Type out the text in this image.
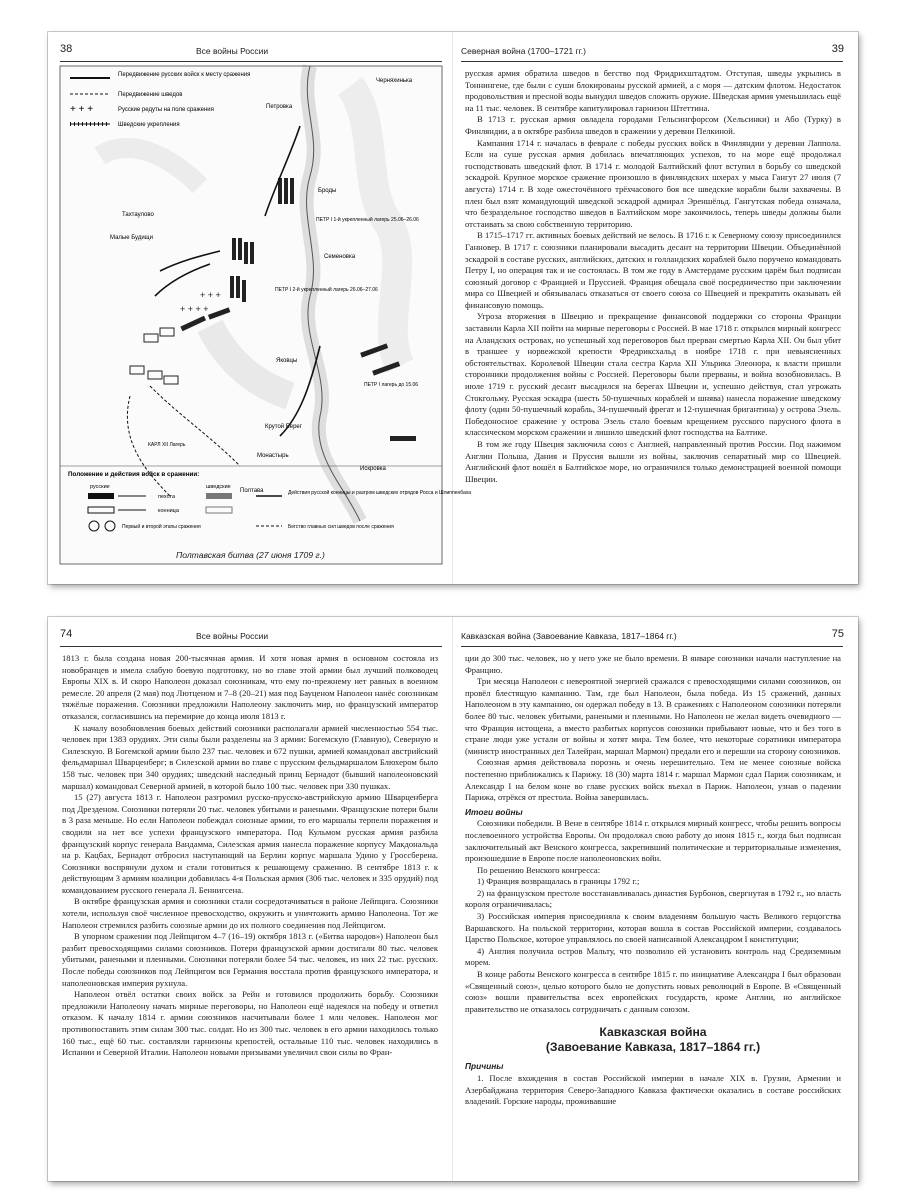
38	Все войны России
Передвижение русских войск к месту сражения
Передвижение шведов
+ + +	Русские редуты на поле сражения
Шведские укрепления
Петровка
Черняхинька
Тахтаулово
Малые Будищи
Броды
Семеновка
Яковцы
Крутой Берег
Монастырь
Полтава
Искровка
ПЕТР I 1-й укрепленный лагерь 25.06–26.06
ПЕТР I 2-й укрепленный лагерь 26.06–27.06
ПЕТР I лагерь до 15.06
КАРЛ XII Лагерь
+ + +
+ + + +
Положение и действия войск в сражении:
русские	шведские
пехота
конница
Первый и второй этапы сражения
Действия русской конницы и разгром шведских отрядов Росса и Шлиппенбаха
Бегство главных сил шведов после сражения
Полтавская битва (27 июня 1709 г.)
Северная война (1700–1721 гг.)	39

русская армия обратила шведов в бегство под Фридрихштадтом. Отступая, шведы укрылись в Тоннингене, где были с суши блокированы русской армией, а с моря — датским флотом. Недостаток продовольствия и пресной воды вынудил шведов сложить оружие. Шведская армия уменьшилась ещё на 11 тыс. человек. В сентябре капитулировал гарнизон Штеттина.

В 1713 г. русская армия овладела городами Гельсингфорсом (Хельсинки) и Або (Турку) в Финляндии, а в октябре разбила шведов в сражении у деревни Пелкиной.

Кампания 1714 г. началась в феврале с победы русских войск в Финляндии у деревни Лаппола. Если на суше русская армия добилась впечатляющих успехов, то на море ещё продолжал господствовать шведский флот. В 1714 г. молодой Балтийский флот вступил в борьбу со шведской эскадрой. Крупное морское сражение произошло в финляндских шхерах у мыса Гангут 27 июля (7 августа) 1714 г. В ходе ожесточённого трёхчасового боя все шведские корабли были захвачены. В плен был взят командующий шведской эскадрой адмирал Эреншёльд. Гангутская победа означала, что безраздельное господство шведов в Балтийском море закончилось, теперь шведы должны были отстаивать за свою собственную территорию.

В 1715–1717 гг. активных боевых действий не велось. В 1716 г. к Северному союзу присоединился Ганновер. В 1717 г. союзники планировали высадить десант на территории Швеции. Объединённой эскадрой в составе русских, английских, датских и голландских кораблей было поручено командовать Петру I, но операция так и не состоялась. В том же году в Амстердаме русским царём был подписан союзный договор с Францией и Пруссией. Франция обещала своё посредничество при заключении мира со Швецией и обязывалась отказаться от своего союза со Швецией и прекратить оказывать ей финансовую помощь.

Угроза вторжения в Швецию и прекращение финансовой поддержки со стороны Франции заставили Карла XII пойти на мирные переговоры с Россией. В мае 1718 г. открылся мирный конгресс на Аландских островах, но успешный ход переговоров был прерван смертью Карла XII. Он был убит в траншее у норвежской крепости Фредриксхальд в ноябре 1718 г. при невыясненных обстоятельствах. Королевой Швеции стала сестра Карла XII Ульрика Элеонора, к власти пришли сторонники продолжения войны с Россией. Переговоры были прерваны, и война возобновилась. В июле 1719 г. русский десант высадился на берегах Швеции и, успешно действуя, стал угрожать Стокгольму. Русская эскадра (шесть 50-пушечных кораблей и шнява) нанесла поражение шведскому флоту (один 50-пушечный корабль, 34-пушечный фрегат и 12-пушечная бригантина) у острова Эзель. Победоносное сражение у острова Эзель стало боевым крещением русского парусного флота в классическом морском сражении и лишило шведский флот господства на Балтике.

В том же году Швеция заключила союз с Англией, направленный против России. Под нажимом Англии Польша, Дания и Пруссия вышли из войны, заключив сепаратный мир со Швецией. Английский флот вошёл в Балтийское море, но ограничился только демонстрацией военной помощи Швеции.

74	Все войны России

1813 г. была создана новая 200-тысячная армия. И хотя новая армия в основном состояла из новобранцев и имела слабую боевую подготовку, но во главе этой армии был лучший полководец Европы XIX в. И скоро Наполеон доказал союзникам, что ему по-прежнему нет равных в военном ремесле. 20 апреля (2 мая) под Лютценом и 7–8 (20–21) мая под Бауценом Наполеон нанёс союзникам тяжёлые поражения. Союзники предложили Наполеону заключить мир, но французский император отказался, согласившись на перемирие до конца июля 1813 г.

К началу возобновления боевых действий союзники располагали армией численностью 554 тыс. человек при 1383 орудиях. Эти силы были разделены на 3 армии: Богемскую (Главную), Северную и Силезскую. В Богемской армии было 237 тыс. человек и 672 пушки, армией командовал австрийский фельдмаршал Шварценберг; в Силезской армии во главе с прусским фельдмаршалом Блюхером было 158 тыс. человек при 340 орудиях; шведский наследный принц Бернадот (бывший наполеоновский маршал) командовал Северной армией, в которой было 100 тыс. человек при 330 пушках.

15 (27) августа 1813 г. Наполеон разгромил русско-прусско-австрийскую армию Шварценберга под Дрезденом. Союзники потеряли 20 тыс. человек убитыми и ранеными. Французские потери были в 3 раза меньше. Но если Наполеон побеждал союзные армии, то его маршалы терпели поражения и сводили на нет все успехи французского императора. Под Кульмом русская армия разбила французский корпус генерала Вандамма, Силезская армия нанесла поражение корпусу Макдональда на р. Кацбах, Бернадот отбросил наступающий на Берлин корпус маршала Удино у Гроссберена. Союзники воспрянули духом и стали готовиться к решающему сражению. В сентябре 1813 г. к действующим 3 армиям коалиции добавилась 4-я Польская армия (306 тыс. человек и 335 орудий) под командованием русского генерала Л. Беннигсена.

В октябре французская армия и союзники стали сосредотачиваться в районе Лейпцига. Союзники хотели, используя своё численное превосходство, окружить и уничтожить армию Наполеона. Тот же Наполеон стремился разбить союзные армии до их полного соединения под Лейпцигом.

В упорном сражении под Лейпцигом 4–7 (16–19) октября 1813 г. («Битва народов») Наполеон был разбит превосходящими силами союзников. Потери французской армии достигали 80 тыс. человек убитыми, ранеными и пленными. Союзники потеряли более 54 тыс. человек, из них 22 тыс. русских. После победы союзников под Лейпцигом вся Германия восстала против французского императора, и наполеоновская империя рухнула.

Наполеон отвёл остатки своих войск за Рейн и готовился продолжить борьбу. Союзники предложили Наполеону начать мирные переговоры, но Наполеон ещё надеялся на победу и ответил отказом. К началу 1814 г. армии союзников насчитывали более 1 млн человек. Наполеон мог противопоставить этим силам 300 тыс. солдат. Но из 300 тыс. человек в его армии находилось только 160 тыс., ещё 60 тыс. составляли гарнизоны крепостей, остальные 110 тыс. человек находились в Испании и Северной Италии. Наполеон новыми призывами увеличил свои силы во Фран-

Кавказская война (Завоевание Кавказа, 1817–1864 гг.)	75

ции до 300 тыс. человек, но у него уже не было времени. В январе союзники начали наступление на Францию.

Три месяца Наполеон с невероятной энергией сражался с превосходящими силами союзников, он провёл блестящую кампанию. Там, где был Наполеон, была победа. Из 15 сражений, данных Наполеоном в эту кампанию, он одержал победу в 13. В сражениях с Наполеоном союзники потеряли более 80 тыс. человек убитыми, ранеными и пленными. Но Наполеон не желал видеть очевидного — что Франция истощена, а вместо разбитых корпусов союзники прибывают новые, что и без того в стране люди уже устали от войны и хотят мира. Тем более, что некоторые соратники императора (министр иностранных дел Талейран, маршал Мармон) предали его и перешли на сторону союзников.

Союзная армия действовала порознь и очень нерешительно. Тем не менее союзные войска постепенно приближались к Парижу. 18 (30) марта 1814 г. маршал Мармон сдал Париж союзникам, и Александр I на белом коне во главе русских войск въехал в Париж. Наполеон, узнав о падении Парижа, отрёкся от престола. Война завершилась.

Итоги войны

Союзники победили. В Вене в сентябре 1814 г. открылся мирный конгресс, чтобы решить вопросы послевоенного устройства Европы. Он продолжал свою работу до июня 1815 г., когда был подписан заключительный акт Венского конгресса, закрепивший политические и территориальные изменения, произошедшие в Европе после наполеоновских войн.

По решению Венского конгресса:

1) Франция возвращалась в границы 1792 г.;

2) на французском престоле восстанавливалась династия Бурбонов, свергнутая в 1792 г., но власть короля ограничивалась;

3) Российская империя присоединяла к своим владениям большую часть Великого герцогства Варшавского. На польской территории, которая вошла в состав Российской империи, создавалось Царство Польское, которое управлялось по своей написанной Александром I конституции;

4) Англия получила остров Мальту, что позволило ей установить контроль над Средиземным морем.

В конце работы Венского конгресса в сентябре 1815 г. по инициативе Александра I был образован «Священный союз», целью которого было не допустить новых революций в Европе. В «Священный союз» вошли правительства всех европейских государств, кроме Англии, но английское правительство не отказалось сотрудничать с данным союзом.

Кавказская война
(Завоевание Кавказа, 1817–1864 гг.)

Причины

1. После вхождения в состав Российской империи в начале XIX в. Грузии, Армении и Азербайджана территория Северо-Западного Кавказа фактически оказались в составе российских владений. Горские народы, проживавшие
